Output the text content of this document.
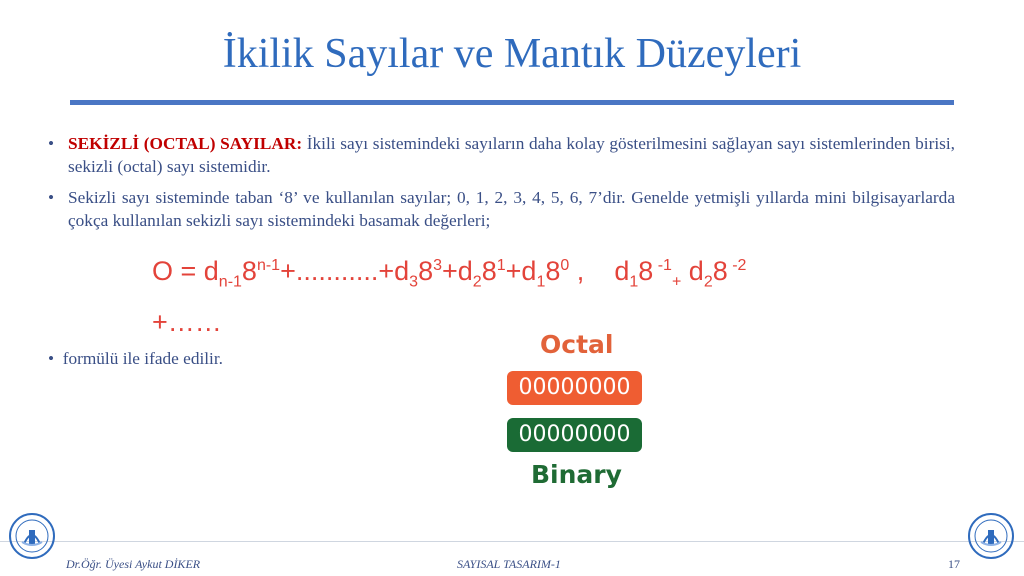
İkilik Sayılar ve Mantık Düzeyleri
• SEKİZLİ (OCTAL) SAYILAR: İkili sayı sistemindeki sayıların daha kolay gösterilmesini sağlayan sayı sistemlerinden birisi, sekizli (octal) sayı sistemidir.
• Sekizli sayı sisteminde taban ‘8’ ve kullanılan sayılar; 0, 1, 2, 3, 4, 5, 6, 7’dir. Genelde yetmişli yıllarda mini bilgisayarlarda çokça kullanılan sekizli sayı sistemindeki basamak değerleri;
$O = d_{n-1}8^{n-1}+...........+d_38^3+d_28^1+d_18^0$ , $d_18$ $^{-1}_+$ $d_28$ $^{-2}$
+……
• formülü ile ifade edilir.	Octal
00000000
00000000
Binary
Dr.Öğr. Üyesi Aykut DİKER	SAYISAL TASARIM-1	17
